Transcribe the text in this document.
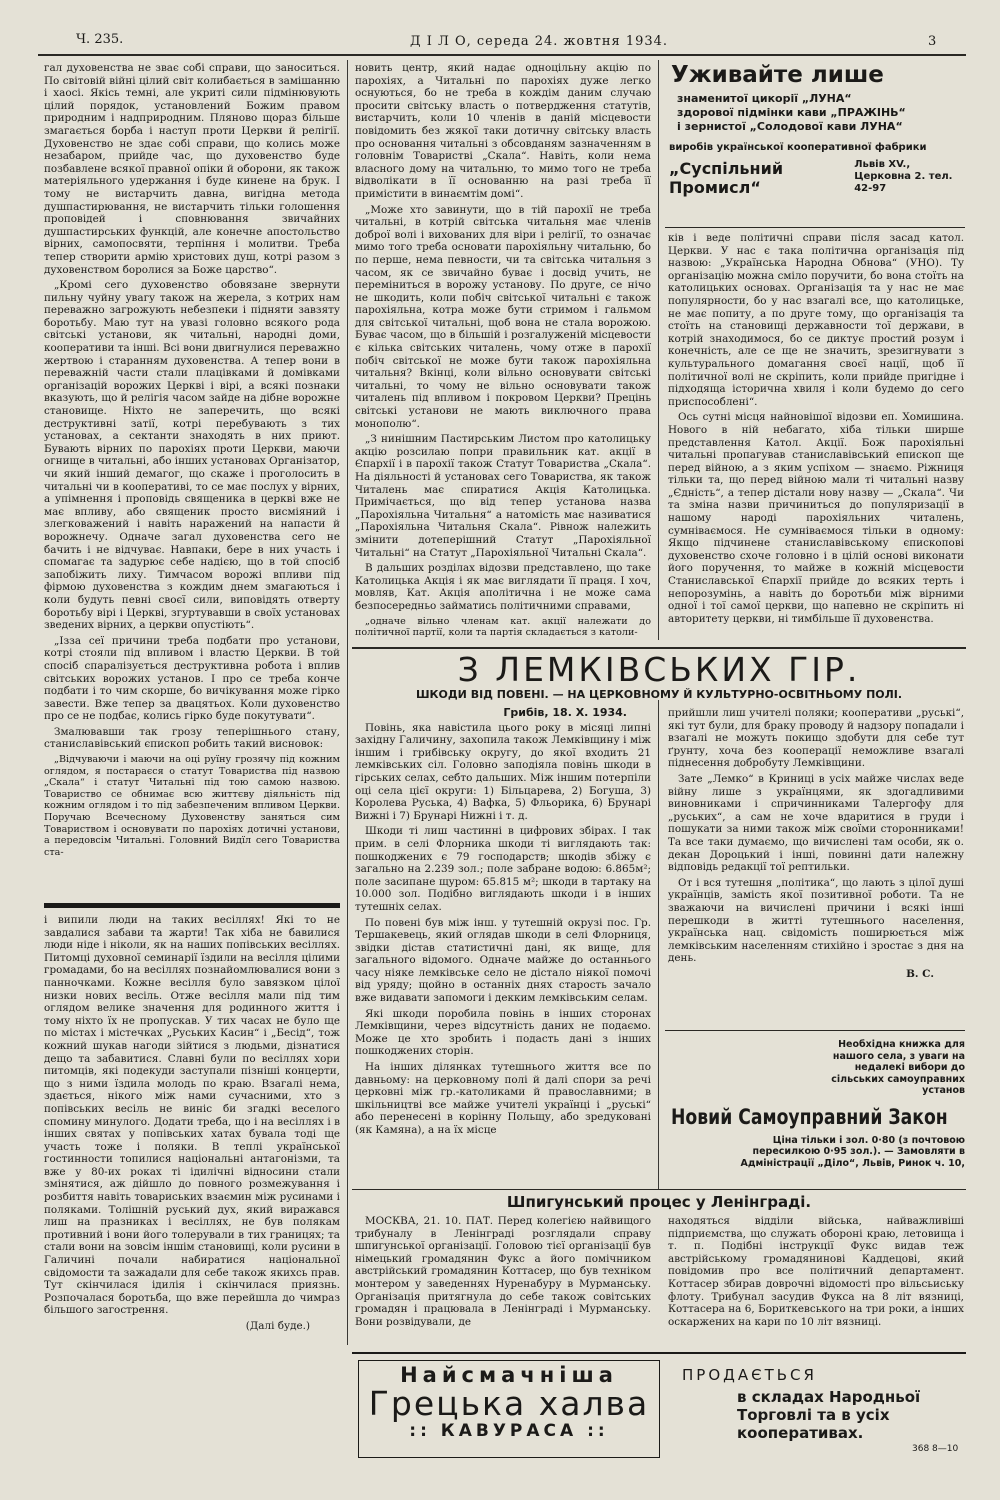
Ч. 235.	Д І Л О, середа 24. жовтня 1934.	3

гал духовенства не зває собі справи, що заноситься. По світовій війні цілий світ колибається в замішанню і хаосі. Якісь темні, але укриті сили підмінювують цілий порядок, установлений Божим правом природним і надприродним. Пляново щораз більше змагається борба і наступ проти Церкви й релігії. Духовенство не здає собі справи, що колись може незабаром, прийде час, що духовенство буде позбавлене всякої правної опіки й оборони, як також матеріяльного удержання і буде кинене на брук. І тому не вистарчить давна, вигідна метода душпастирювання, не вистарчить тільки голошення проповідей і сповнювання звичайних душпастирських функцій, але конечне апостольство вірних, самопосвяти, терпіння і молитви. Треба тепер створити армію христових душ, котрі разом з духовенством боролися за Боже царство“.

„Кромі сего духовенство обовязане звернути пильну чуйну увагу також на жерела, з котрих нам переважно загрожують небезпеки і підняти завзяту боротьбу. Маю тут на увазі головно всякого рода світські установи, як читальні, народні доми, кооперативи та інші. Всі вони двигнулися переважно жертвою і старанням духовенства. А тепер вони в переважній части стали плацівками й домівками організацій ворожих Церкві і вірі, а всякі познаки вказують, що й релігія часом зайде на дібне ворожне становище. Ніхто не заперечить, що всякі деструктивні затії, котрі перебувають з тих установах, а сектанти знаходять в них приют. Бувають вірних по парохіях проти Церкви, маючи огнище в читальні, або інших установах Організатор, чи який інший демагог, що скаже і проголосить в читальні чи в кооперативі, то се має послух у вірних, а упімнення і проповідь священика в церкві вже не має впливу, або священик просто висміяний і злегковажений і навіть наражений на напасти й ворожнечу. Одначе загал духовенства сего не бачить і не відчуває. Навпаки, бере в них участь і спомагає та задурює себе надією, що в той спосіб запобіжить лиху. Тимчасом ворожі впливи під фірмою духовенства з кождим днем змагаються і коли будуть певні своєї сили, виповідять отверту боротьбу вірі і Церкві, згуртувавши в своїх установах зведених вірних, а церкви опустіють“.

„Ізза сеї причини треба подбати про установи, котрі стояли під впливом і властю Церкви. В той спосіб спаралізується деструктивна робота і вплив світських ворожих установ. І про се треба конче подбати і то чим скорше, бо вичікування може гірко завести. Вже тепер за двацятьох. Коли духовенство про се не подбає, колись гірко буде покутувати“.

Змалювавши так грозу теперішнього стану, станиславівський єпископ робить такий висновок:

„Відчуваючи і маючи на оці руїну грозячу під кожним оглядом, я постараєся о статут Товариства під назвою „Скала“ і статут Читальні під тою самою назвою. Товариство се обнимає всю життєву діяльність під кожним оглядом і то під забезпеченим впливом Церкви. Поручаю Всечесному Духовенству заняться сим Товариством і основувати по парохіях дотичні установи, а передовсім Читальні. Головний Видїл сего Товариства ста-

і випили люди на таких весіллях! Які то не завдалися забави та жарти! Так хіба не бавилися люди ніде і ніколи, як на наших попівських весіллях. Питомці духовної семинарії їздили на весілля цілими громадами, бо на весіллях познайомлювалися вони з панночками. Кожне весілля було завязком цілої низки нових весіль. Отже весілля мали під тим оглядом велике значення для родинного життя і тому ніхто їх не пропускав. У тих часах не було ще по містах і містечках „Руських Касин“ і „Бесід“, тож кожний шукав нагоди зійтися з людьми, дізнатися дещо та забавитися. Славні були по весіллях хори питомців, які подекуди заступали пізніші концерти, що з ними їздила молодь по краю. Взагалі нема, здається, нікого між нами сучасними, хто з попівських весіль не виніс би згадкі веселого спомину минулого. Додати треба, що і на весіллях і в інших святах у попівських хатах бувала тоді ще участь тоже і поляки. В теплі української гостинности топилися національні антагонізми, та вже у 80-их роках ті ідилічні відносини стали змінятися, аж дійшло до повного розмежування і розбиття навіть товариських взаємин між русинами і поляками. Толішній руський дух, який виражався лиш на празниках і весіллях, не був полякам противний і вони його толерували в тих границях; та стали вони на зовсім іншім становищі, коли русини в Галичині почали набиратися національної свідомости та зажадали для себе також якихсь прав. Тут скінчилася ідилія і скінчилася приязнь. Розпочалася боротьба, що вже перейшла до чимраз більшого загострення.

(Далі буде.)

новить центр, який надає одноцільну акцію по парохіях, а Читальні по парохіях дуже легко оснуються, бо не треба в кождім даним случаю просити світську власть о потвердження статутів, вистарчить, коли 10 членів в даній місцевости повідомить без жякої таки дотичну світську власть про основання читальні з обсовданям зазначенням в головнім Товаристві „Скала“. Навіть, коли нема власного дому на читальню, то мимо того не треба відволікати в її основанню на разі треба її примістити в винаємтім домі“.

„Може хто завинути, що в тій парохії не треба читальні, в котрій світська читальня має членів доброї волі і вихованих для віри і релігії, то означає мимо того треба основати парохіяльну читальню, бо по перше, нема певности, чи та світська читальня з часом, як се звичайно буває і досвід учить, не переміниться в ворожу установу. По друге, се нічо не шкодить, коли побіч світської читальні є також парохіяльна, котра може бути стримом і гальмом для світської читальні, щоб вона не стала ворожою. Буває часом, що в більшій і розгалуженій місцевости є кілька світських читалень, чому отже в парохії побіч світської не може бути також парохіяльна читальня? Вкінці, коли вільно основувати світські читальні, то чому не вільно основувати також читалень під впливом і покровом Церкви? Прецінь світські установи не мають виключного права монополю“.

„З нинішним Пастирським Листом про католицьку акцію розсилаю попри правильник кат. акції в Єпархії і в парохії також Статут Товариства „Скала“. На діяльності й установах сего Товариства, як також Читалень має спиратися Акція Католицька. Примічається, що від тепер установа назва „Парохіяльна Читальня“ а натомість має називатися „Парохіяльна Читальня Скала“. Рівнож належить змінити дотеперішний Статут „Парохіяльної Читальні“ на Статут „Парохіяльної Читальні Скала“.

В дальших розділах відозви представлено, що таке Католицька Акція і як має виглядати її праця. І хоч, мовляв, Кат. Акція аполітична і не може сама безпосередньо займатись політичними справами,

„одначе вільно членам кат. акції належати до політичної партії, коли та партія складається з католи-

Уживайте лише
знаменитої цикорії „ЛУНА“
здорової підмінки кави „ПРАЖІНЬ“
і зернистої „Солодової кави ЛУНА“
виробів української кооперативної фабрики
„Суспільний Промисл“
Львів XV.,
Церковна 2. тел. 42-97

ків і веде політичні справи після засад катол. Церкви. У нас є така політична організація під назвою: „Українська Народна Обнова“ (УНО). Ту організацію можна сміло поручити, бо вона стоїть на католицьких основах. Організація та у нас не має популярности, бо у нас взагалі все, що католицьке, не має попиту, а по друге тому, що організація та стоїть на становищі державности тої держави, в котрій знаходимося, бо се диктує простий розум і конечність, але се ще не значить, зрезигнувати з культурального домагання своєї нації, щоб її політичної волі не скріпить, коли прийде пригідне і підходяща історична хвиля і коли будемо до сего приспособлені“.

Ось сутні місця найновішої відозви еп. Хомишина. Нового в ній небагато, хіба тільки ширше представлення Катол. Акції. Бож парохіяльні читальні пропагував станиславівський епископ ще перед війною, а з яким успіхом — знаємо. Ріжниця тільки та, що перед війною мали ті читальні назву „Єдність“, а тепер дістали нову назву — „Скала“. Чи та зміна назви причиниться до популяризації в нашому народі парохіяльних читалень, сумніваємося. Не сумніваємося тільки в одному: Якщо підчинене станиславівському єпископові духовенство схоче головно і в цілій основі виконати його поручення, то майже в кожній місцевости Станиславської Єпархії прийде до всяких терть і непорозумінь, а навіть до боротьби між вірними одної і тої самої церкви, що напевно не скріпить ні авторитету церкви, ні тимбільше її духовенства.

З ЛЕМКІВСЬКИХ ГІР.
ШКОДИ ВІД ПОВЕНІ. — НА ЦЕРКОВНОМУ Й КУЛЬТУРНО-ОСВІТНЬОМУ ПОЛІ.
Грибів, 18. X. 1934.

Повінь, яка навістила цього року в місяці липні західну Галичину, захопила також Лемківщину і між іншим і грибівську округу, до якої входить 21 лемківських сіл. Головно заподіяла повінь шкоди в гірських селах, себто дальших. Між іншим потерпіли оці села цієї округи: 1) Більцарева, 2) Богуша, 3) Королева Руська, 4) Вафка, 5) Фльорика, 6) Брунарі Вижні і 7) Брунарі Нижні і т. д.

Шкоди ті лиш частинні в цифрових збірах. І так прим. в селі Флорника шкоди ті виглядають так: пошкоджених є 79 господарств; шкодів збіжу є загально на 2.239 зол.; поле забране водою: 6.865м²; поле засипане щуром: 65.815 м²; шкоди в тартаку на 10.000 зол. Подібно виглядають шкоди і в інших тутешніх селах.

По повені був між інш. у тутешній окрузі пос. Гр. Тершакевець, який оглядав шкоди в селі Флорниця, звідки дістав статистичні дані, як вище, для загального відомого. Одначе майже до останнього часу ніяке лемківське село не дістало ніякої помочі від уряду; щойно в останніх днях старость зачало вже видавати запомоги і декким лемківським селам.

Які шкоди поробила повінь в інших сторонах Лемківщини, через відсутність даних не подаємо. Може це хто зробить і подасть дані з інших пошкоджених сторін.

На інших ділянках тутешнього життя все по давньому: на церковному полі й далі спори за речі церковні між гр.-католиками й православними; в шкільництві все майже учителі українці і „руські“ або перенесені в корінну Польщу, або зредуковані (як Камяна), а на їх місце

прийшли лиш учителі поляки; кооперативи „руські“, які тут були, для браку проводу й надзору попадали і взагалі не можуть покищо здобути для себе тут ґрунту, хоча без кооперації неможливе взагалі піднесення добробуту Лемківщини.

Зате „Лемко“ в Криниці в усіх майже числах веде війну лише з українцями, як здогадливими виновниками і спричинниками Талергофу для „руських“, а сам не хоче вдаритися в груди і пошукати за ними також між своїми сторонниками! Та все таки думаємо, що вичислені там особи, як о. декан Дороцький і інші, повинні дати належну відповідь редакції тої рептильки.

От і вся тутешня „політика“, що лають з цілої душі українців, замість якої позитивної роботи. Та не зважаючи на вичислені причини і всякі інші перешкоди в житті тутешнього населення, українська нац. свідомість поширюється між лемківським населенням стихійно і зростає з дня на день.

В. С.
Необхідна книжка для нашого села, з уваги на недалекі вибори до сільських самоуправних установ
Новий Самоуправний Закон
Ціна тільки і зол. 0·80 (з почтовою пересилкою 0·95 зол.). — Замовляти в Адміністрації „Ділo“, Львів, Ринок ч. 10,
Шпигунський процес у Ленінграді.

МОСКВА, 21. 10. ПАТ. Перед колегією найвищого трибуналу в Ленінграді розглядали справу шпигунської організації. Головою тієї організації був німецький громадянин Фукс а його помічником австрійський громадянин Коттасер, що був техніком монтером у заведеннях Нуренабуру в Мурманську. Організація притягнула до себе також совітських громадян і працювала в Ленінграді і Мурманську. Вони розвідували, де

находяться відділи війська, найважливіші підприємства, що служать обороні краю, летовища і т. п. Подібні інструкції Фукс видав теж австрійському громадянинові Каддецові, який повідомив про все політичний департамент. Коттасер збирав доврочні відомості про вільсьиську флоту. Трибунал засудив Фукса на 8 літ вязниці, Коттасера на 6, Бориткевського на три роки, а інших оскаржених на кари по 10 літ вязниці.

Найсмачніша
Грецька халва
:: КАВУРАСА ::
ПРОДАЄТЬСЯ
в складах Народньої Торговлі та в усіх кооперативах.
368 8—10
